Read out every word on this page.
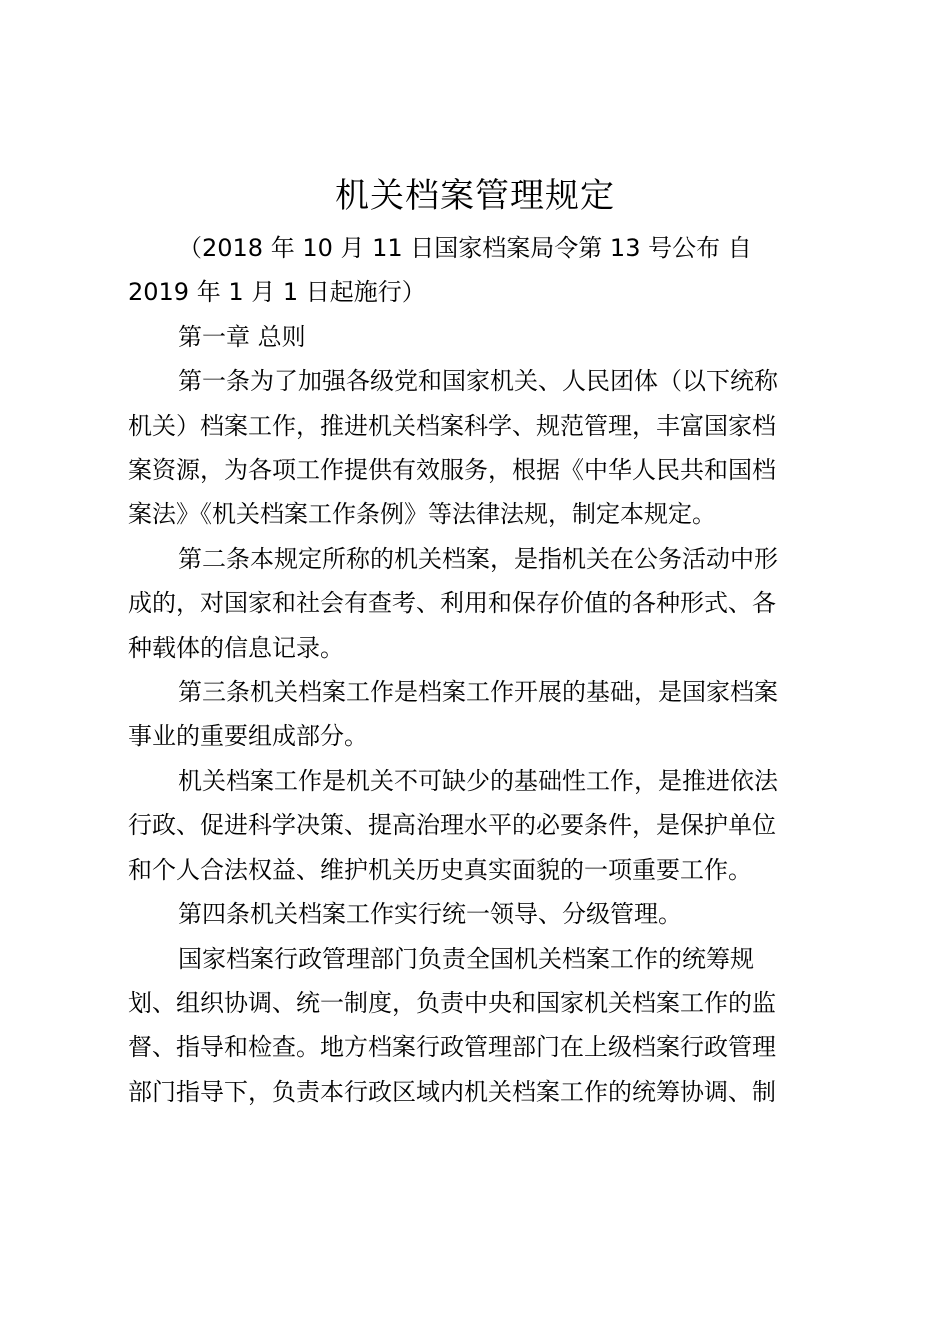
机关档案管理规定

（2018 年 10 月 11 日国家档案局令第 13 号公布 自
2019 年 1 月 1 日起施行）

第一章 总则

第一条为了加强各级党和国家机关、人民团体（以下统称
机关）档案工作，推进机关档案科学、规范管理，丰富国家档
案资源，为各项工作提供有效服务，根据《中华人民共和国档
案法》《机关档案工作条例》等法律法规，制定本规定。

第二条本规定所称的机关档案，是指机关在公务活动中形
成的，对国家和社会有查考、利用和保存价值的各种形式、各
种载体的信息记录。

第三条机关档案工作是档案工作开展的基础，是国家档案
事业的重要组成部分。

机关档案工作是机关不可缺少的基础性工作，是推进依法
行政、促进科学决策、提高治理水平的必要条件，是保护单位
和个人合法权益、维护机关历史真实面貌的一项重要工作。

第四条机关档案工作实行统一领导、分级管理。

国家档案行政管理部门负责全国机关档案工作的统筹规
划、组织协调、统一制度，负责中央和国家机关档案工作的监
督、指导和检查。地方档案行政管理部门在上级档案行政管理
部门指导下，负责本行政区域内机关档案工作的统筹协调、制
